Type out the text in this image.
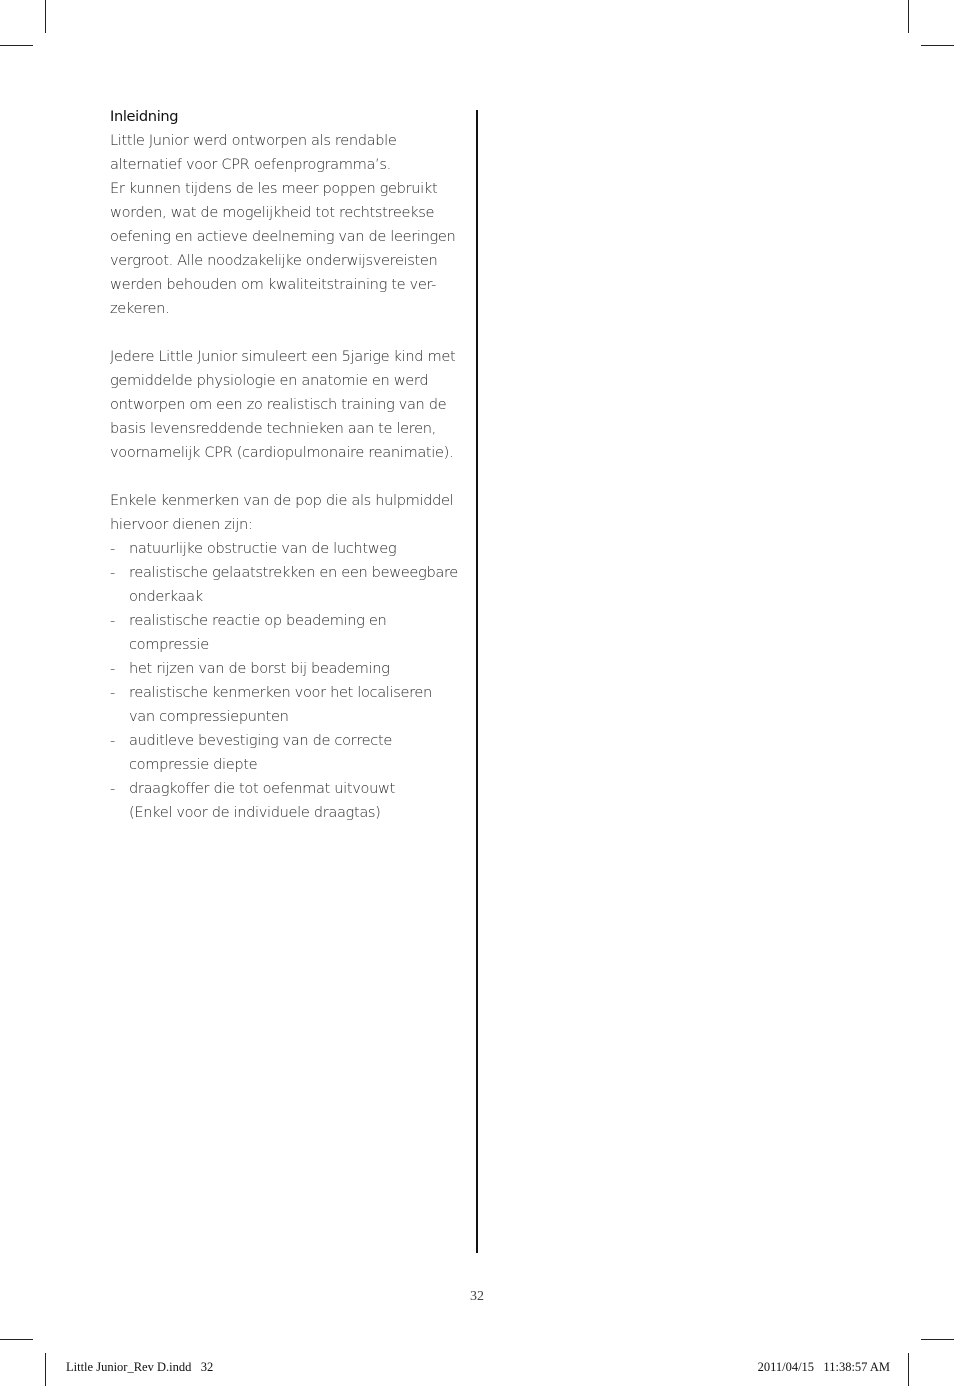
Inleidning
Little Junior werd ontworpen als rendable
alternatief voor CPR oefenprogramma’s.
Er kunnen tijdens de les meer poppen gebruikt
worden, wat de mogelijkheid tot rechtstreekse
oefening en actieve deelneming van de leeringen
vergroot. Alle noodzakelijke onderwijsvereisten
werden behouden om kwaliteitstraining te ver-
zekeren.
Jedere Little Junior simuleert een 5jarige kind met
gemiddelde physiologie en anatomie en werd
ontworpen om een zo realistisch training van de
basis levensreddende technieken aan te leren,
voornamelijk CPR (cardiopulmonaire reanimatie).
Enkele kenmerken van de pop die als hulpmiddel
hiervoor dienen zijn:
- natuurlijke obstructie van de luchtweg
- realistische gelaatstrekken en een beweegbare
onderkaak
- realistische reactie op beademing en
compressie
- het rijzen van de borst bij beademing
- realistische kenmerken voor het localiseren
van compressiepunten
- auditleve bevestiging van de correcte
compressie diepte
- draagkoffer die tot oefenmat uitvouwt
(Enkel voor de individuele draagtas)
32
Little Junior_Rev D.indd   32	2011/04/15   11:38:57 AM
